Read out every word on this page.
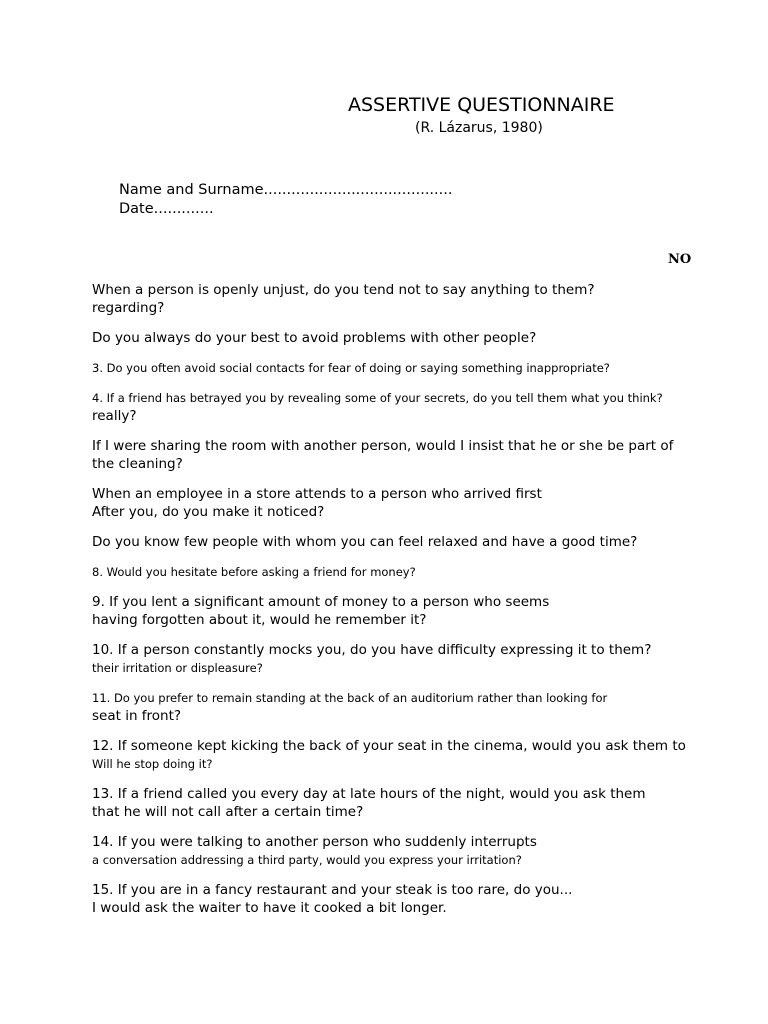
ASSERTIVE QUESTIONNAIRE
(R. Lázarus, 1980)
Name and Surname.........................................
Date.............
NO
When a person is openly unjust, do you tend not to say anything to them?
regarding?
Do you always do your best to avoid problems with other people?
3. Do you often avoid social contacts for fear of doing or saying something inappropriate?
4. If a friend has betrayed you by revealing some of your secrets, do you tell them what you think?
really?
If I were sharing the room with another person, would I insist that he or she be part of
the cleaning?
When an employee in a store attends to a person who arrived first
After you, do you make it noticed?
Do you know few people with whom you can feel relaxed and have a good time?
8. Would you hesitate before asking a friend for money?
9. If you lent a significant amount of money to a person who seems
having forgotten about it, would he remember it?
10. If a person constantly mocks you, do you have difficulty expressing it to them?
their irritation or displeasure?
11. Do you prefer to remain standing at the back of an auditorium rather than looking for
seat in front?
12. If someone kept kicking the back of your seat in the cinema, would you ask them to
Will he stop doing it?
13. If a friend called you every day at late hours of the night, would you ask them
that he will not call after a certain time?
14. If you were talking to another person who suddenly interrupts
a conversation addressing a third party, would you express your irritation?
15. If you are in a fancy restaurant and your steak is too rare, do you...
I would ask the waiter to have it cooked a bit longer.
